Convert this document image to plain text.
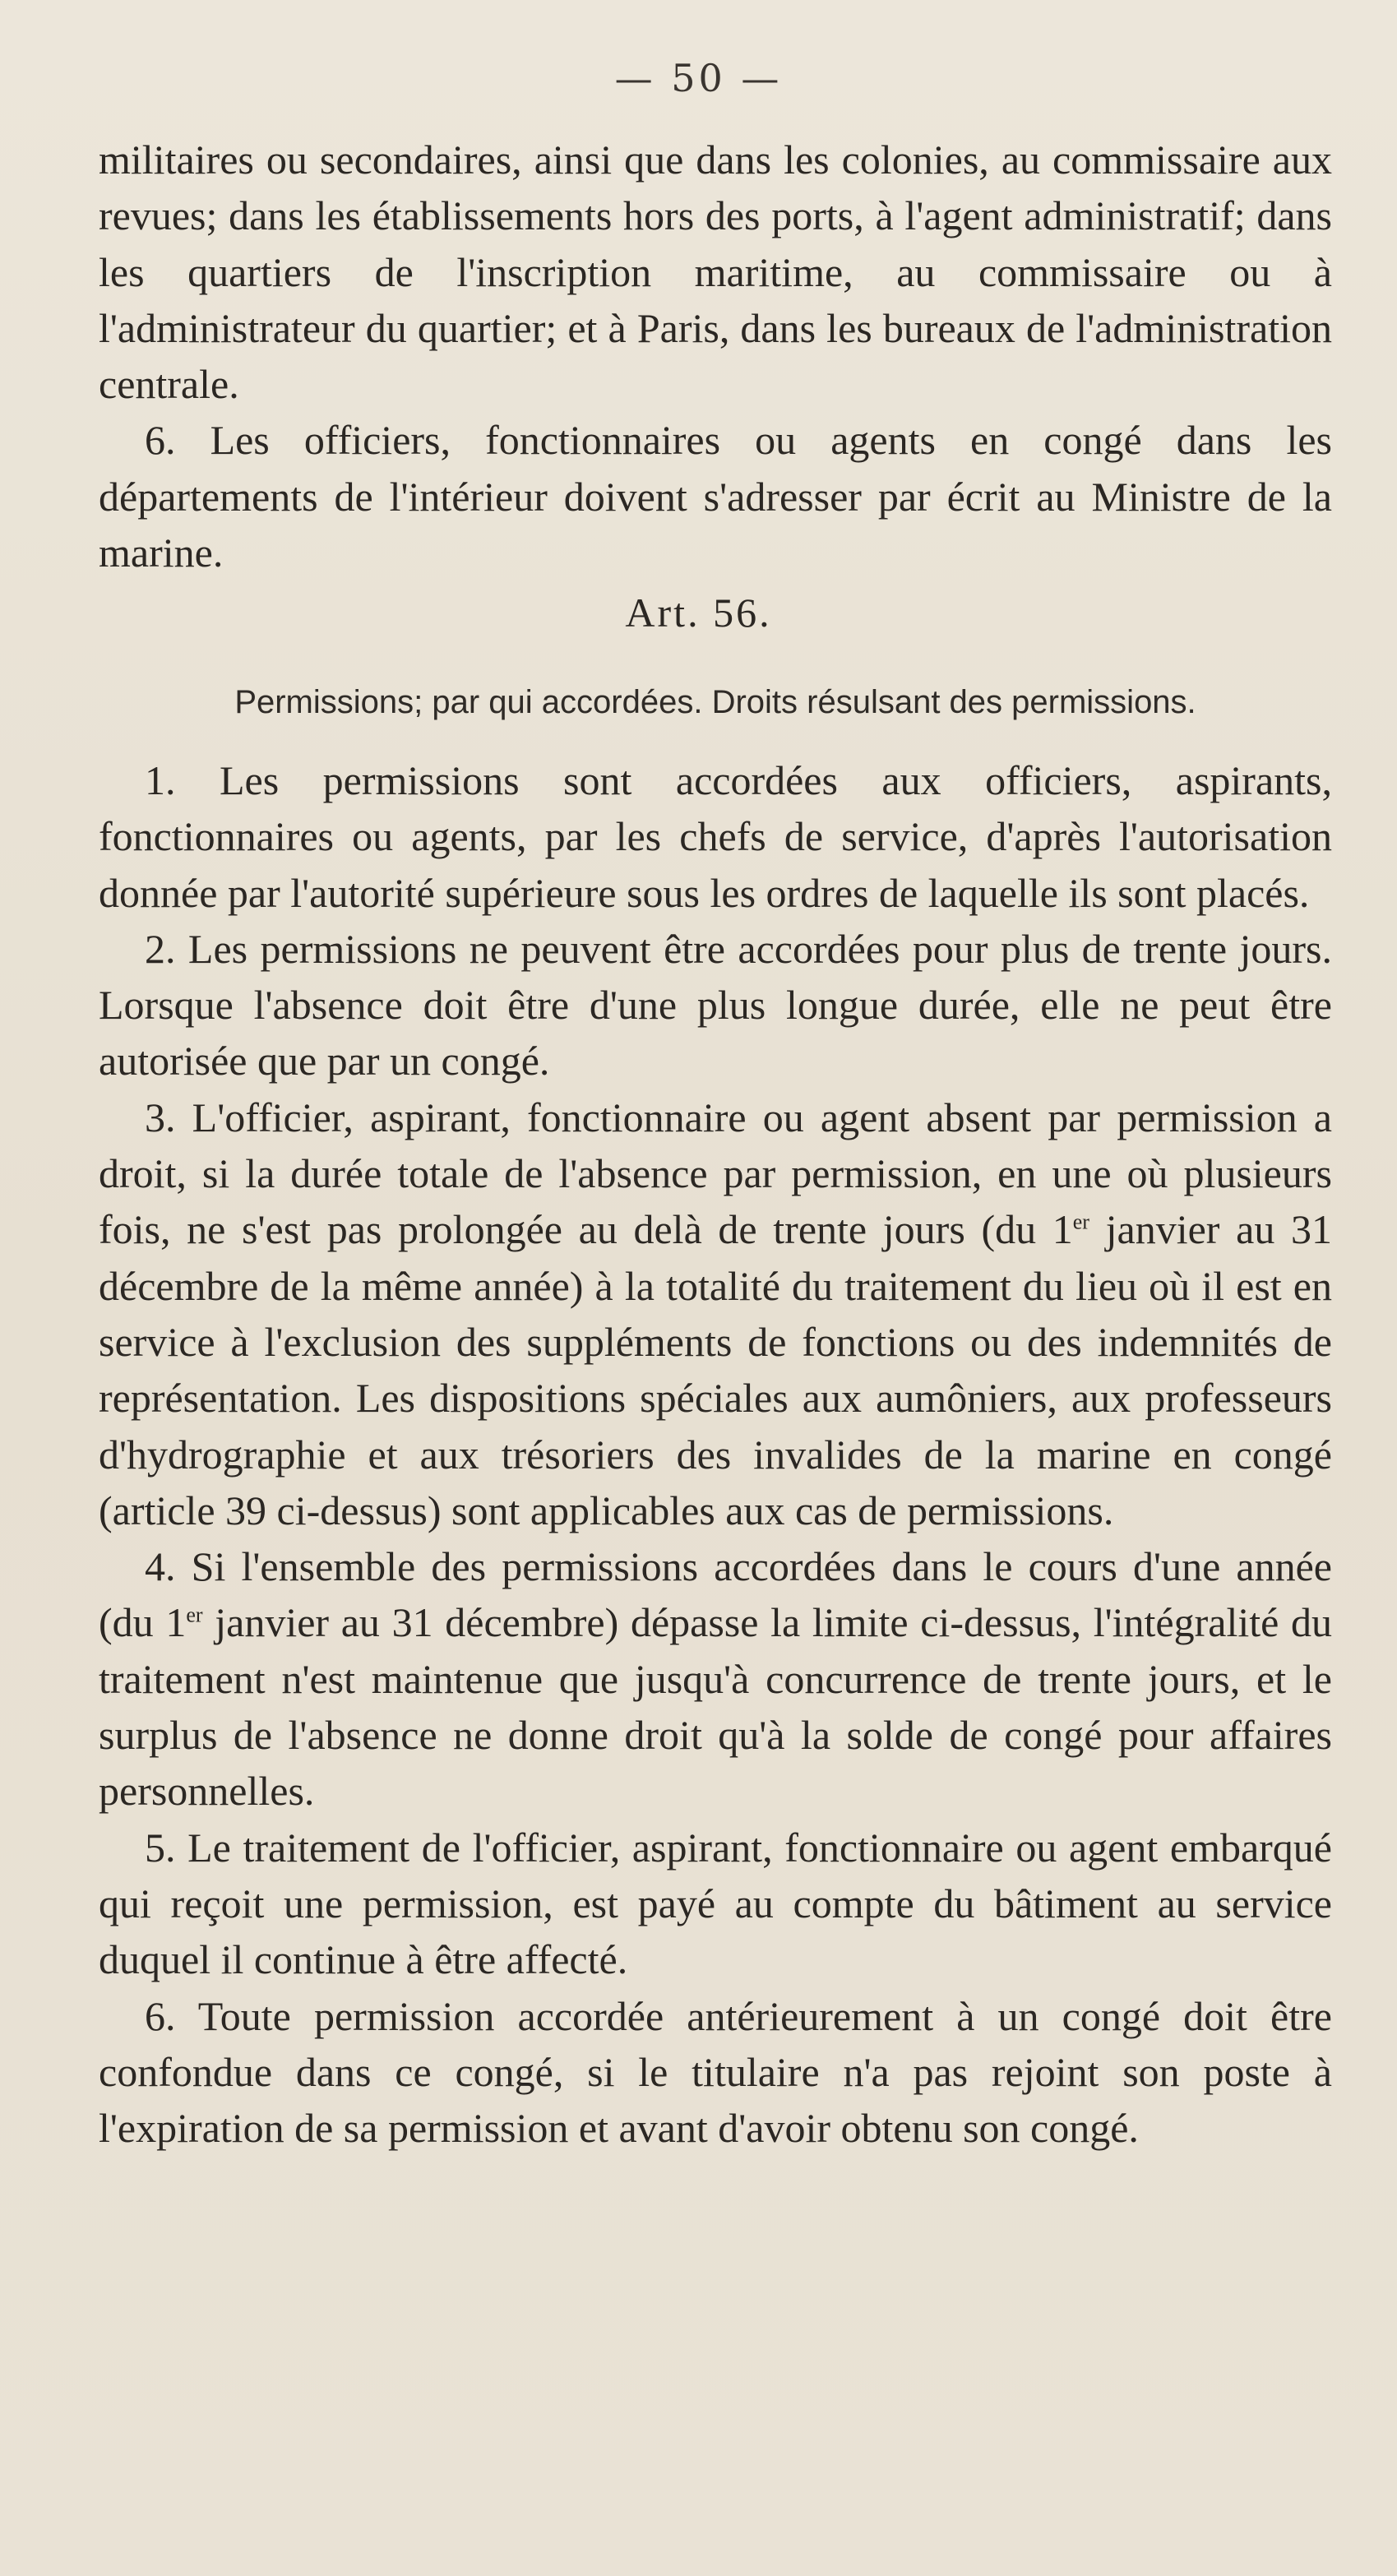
— 50 —

militaires ou secondaires, ainsi que dans les colonies, au commissaire aux revues; dans les établissements hors des ports, à l'agent administratif; dans les quartiers de l'inscription maritime, au commissaire ou à l'administrateur du quartier; et à Paris, dans les bureaux de l'administration centrale.

6. Les officiers, fonctionnaires ou agents en congé dans les départements de l'intérieur doivent s'adresser par écrit au Ministre de la marine.

Art. 56.
Permissions; par qui accordées. Droits résulsant des permissions.

1. Les permissions sont accordées aux officiers, aspirants, fonctionnaires ou agents, par les chefs de service, d'après l'autorisation donnée par l'autorité supérieure sous les ordres de laquelle ils sont placés.

2. Les permissions ne peuvent être accordées pour plus de trente jours. Lorsque l'absence doit être d'une plus longue durée, elle ne peut être autorisée que par un congé.

3. L'officier, aspirant, fonctionnaire ou agent absent par permission a droit, si la durée totale de l'absence par permission, en une où plusieurs fois, ne s'est pas prolongée au delà de trente jours (du 1er janvier au 31 décembre de la même année) à la totalité du traitement du lieu où il est en service à l'exclusion des suppléments de fonctions ou des indemnités de représentation. Les dispositions spéciales aux aumôniers, aux professeurs d'hydrographie et aux trésoriers des invalides de la marine en congé (article 39 ci-dessus) sont applicables aux cas de permissions.

4. Si l'ensemble des permissions accordées dans le cours d'une année (du 1er janvier au 31 décembre) dépasse la limite ci-dessus, l'intégralité du traitement n'est maintenue que jusqu'à concurrence de trente jours, et le surplus de l'absence ne donne droit qu'à la solde de congé pour affaires personnelles.

5. Le traitement de l'officier, aspirant, fonctionnaire ou agent embarqué qui reçoit une permission, est payé au compte du bâtiment au service duquel il continue à être affecté.

6. Toute permission accordée antérieurement à un congé doit être confondue dans ce congé, si le titulaire n'a pas rejoint son poste à l'expiration de sa permission et avant d'avoir obtenu son congé.
